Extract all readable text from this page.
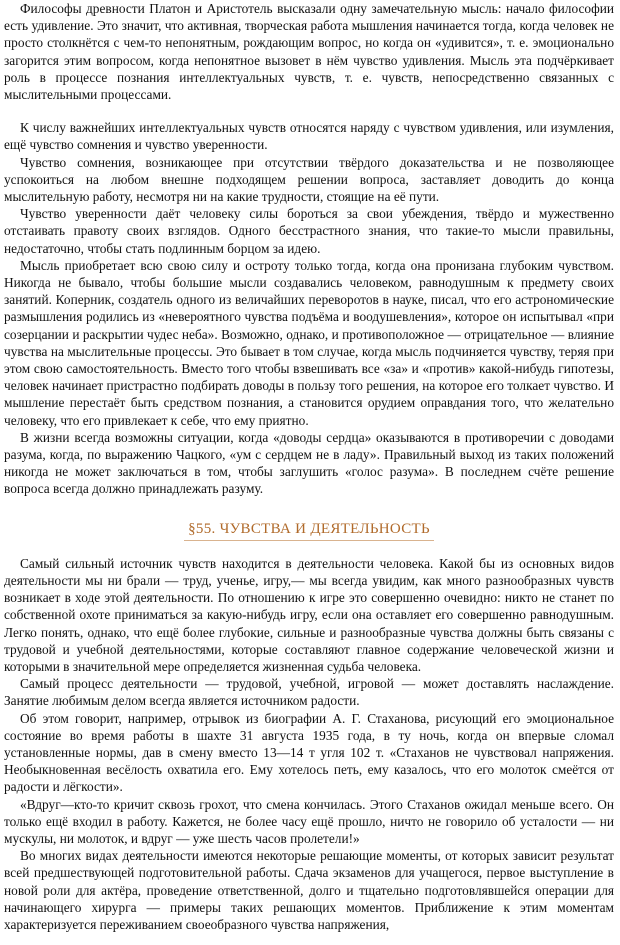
Философы древности Платон и Аристотель высказали одну замечательную мысль: начало философии есть удивление. Это значит, что активная, творческая работа мышления начинается тогда, когда человек не просто столкнётся с чем-то непонятным, рождающим вопрос, но когда он «удивится», т. е. эмоционально загорится этим вопросом, когда непонятное вызовет в нём чувство удивления. Мысль эта подчёркивает роль в процессе познания интеллектуальных чувств, т. е. чувств, непосредственно связанных с мыслительными процессами.

К числу важнейших интеллектуальных чувств относятся наряду с чувством удивления, или изумления, ещё чувство сомнения и чувство уверенности.

Чувство сомнения, возникающее при отсутствии твёрдого доказательства и не позволяющее успокоиться на любом внешне подходящем решении вопроса, заставляет доводить до конца мыслительную работу, несмотря ни на какие трудности, стоящие на её пути.

Чувство уверенности даёт человеку силы бороться за свои убеждения, твёрдо и мужественно отстаивать правоту своих взглядов. Одного бесстрастного знания, что такие-то мысли правильны, недостаточно, чтобы стать подлинным борцом за идею.

Мысль приобретает всю свою силу и остроту только тогда, когда она пронизана глубоким чувством. Никогда не бывало, чтобы большие мысли создавались человеком, равнодушным к предмету своих занятий. Коперник, создатель одного из величайших переворотов в науке, писал, что его астрономические размышления родились из «невероятного чувства подъёма и воодушевления», которое он испытывал «при созерцании и раскрытии чудес неба». Возможно, однако, и противоположное — отрицательное — влияние чувства на мыслительные процессы. Это бывает в том случае, когда мысль подчиняется чувству, теряя при этом свою самостоятельность. Вместо того чтобы взвешивать все «за» и «против» какой-нибудь гипотезы, человек начинает пристрастно подбирать доводы в пользу того решения, на которое его толкает чувство. И мышление перестаёт быть средством познания, а становится орудием оправдания того, что желательно человеку, что его привлекает к себе, что ему приятно.

В жизни всегда возможны ситуации, когда «доводы сердца» оказываются в противоречии с доводами разума, когда, по выражению Чацкого, «ум с сердцем не в ладу». Правильный выход из таких положений никогда не может заключаться в том, чтобы заглушить «голос разума». В последнем счёте решение вопроса всегда должно принадлежать разуму.

§55. ЧУВСТВА И ДЕЯТЕЛЬНОСТЬ

Самый сильный источник чувств находится в деятельности человека. Какой бы из основных видов деятельности мы ни брали — труд, ученье, игру,— мы всегда увидим, как много разнообразных чувств возникает в ходе этой деятельности. По отношению к игре это совершенно очевидно: никто не станет по собственной охоте приниматься за какую-нибудь игру, если она оставляет его совершенно равнодушным. Легко понять, однако, что ещё более глубокие, сильные и разнообразные чувства должны быть связаны с трудовой и учебной деятельностями, которые составляют главное содержание человеческой жизни и которыми в значительной мере определяется жизненная судьба человека.

Самый процесс деятельности — трудовой, учебной, игровой — может доставлять наслаждение. Занятие любимым делом всегда является источником радости.

Об этом говорит, например, отрывок из биографии А. Г. Стаханова, рисующий его эмоциональное состояние во время работы в шахте 31 августа 1935 года, в ту ночь, когда он впервые сломал установленные нормы, дав в смену вместо 13—14 т угля 102 т. «Стаханов не чувствовал напряжения. Необыкновенная весёлость охватила его. Ему хотелось петь, ему казалось, что его молоток смеётся от радости и лёгкости».

«Вдруг—кто-то кричит сквозь грохот, что смена кончилась. Этого Стаханов ожидал меньше всего. Он только ещё входил в работу. Кажется, не более часу ещё прошло, ничто не говорило об усталости — ни мускулы, ни молоток, и вдруг — уже шесть часов пролетели!»

Во многих видах деятельности имеются некоторые решающие моменты, от которых зависит результат всей предшествующей подготовительной работы. Сдача экзаменов для учащегося, первое выступление в новой роли для актёра, проведение ответственной, долго и тщательно подготовлявшейся операции для начинающего хирурга — примеры таких решающих моментов. Приближение к этим моментам характеризуется переживанием своеобразного чувства напряжения,
